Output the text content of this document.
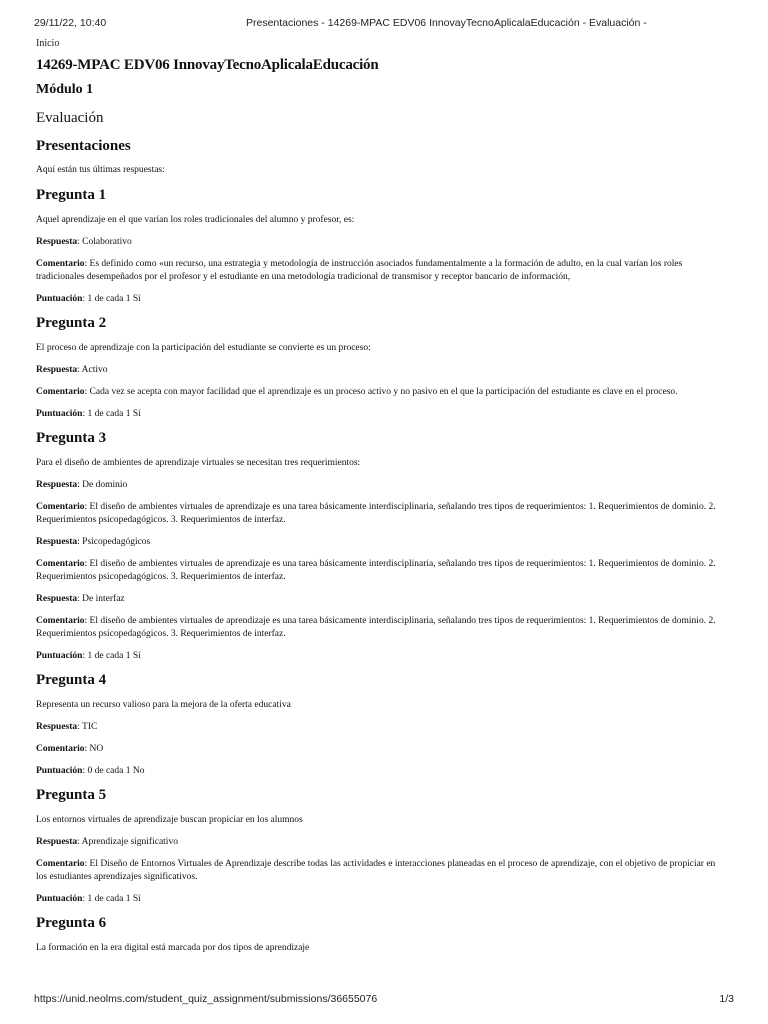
29/11/22, 10:40	Presentaciones - 14269-MPAC EDV06 InnovayTecnoAplicalaEducación - Evaluación -
Inicio
14269-MPAC EDV06 InnovayTecnoAplicalaEducación
Módulo 1
Evaluación
Presentaciones
Aquí están tus últimas respuestas:
Pregunta 1
Aquel aprendizaje en el que varían los roles tradicionales del alumno y profesor, es:
Respuesta: Colaborativo
Comentario: Es definido como «un recurso, una estrategia y metodología de instrucción asociados fundamentalmente a la formación de adulto, en la cual varían los roles tradicionales desempeñados por el profesor y el estudiante en una metodología tradicional de transmisor y receptor bancario de información,
Puntuación: 1 de cada 1 Sí
Pregunta 2
El proceso de aprendizaje con la participación del estudiante se convierte es un proceso:
Respuesta: Activo
Comentario: Cada vez se acepta con mayor facilidad que el aprendizaje es un proceso activo y no pasivo en el que la participación del estudiante es clave en el proceso.
Puntuación: 1 de cada 1 Sí
Pregunta 3
Para el diseño de ambientes de aprendizaje virtuales se necesitan tres requerimientos:
Respuesta: De dominio
Comentario: El diseño de ambientes virtuales de aprendizaje es una tarea básicamente interdisciplinaria, señalando tres tipos de requerimientos: 1. Requerimientos de dominio. 2. Requerimientos psicopedagógicos. 3. Requerimientos de interfaz.
Respuesta: Psicopedagógicos
Comentario: El diseño de ambientes virtuales de aprendizaje es una tarea básicamente interdisciplinaria, señalando tres tipos de requerimientos: 1. Requerimientos de dominio. 2. Requerimientos psicopedagógicos. 3. Requerimientos de interfaz.
Respuesta: De interfaz
Comentario: El diseño de ambientes virtuales de aprendizaje es una tarea básicamente interdisciplinaria, señalando tres tipos de requerimientos: 1. Requerimientos de dominio. 2. Requerimientos psicopedagógicos. 3. Requerimientos de interfaz.
Puntuación: 1 de cada 1 Sí
Pregunta 4
Representa un recurso valioso para la mejora de la oferta educativa
Respuesta: TIC
Comentario: NO
Puntuación: 0 de cada 1 No
Pregunta 5
Los entornos virtuales de aprendizaje buscan propiciar en los alumnos
Respuesta: Aprendizaje significativo
Comentario: El Diseño de Entornos Virtuales de Aprendizaje describe todas las actividades e interacciones planeadas en el proceso de aprendizaje, con el objetivo de propiciar en los estudiantes aprendizajes significativos.
Puntuación: 1 de cada 1 Sí
Pregunta 6
La formación en la era digital está marcada por dos tipos de aprendizaje
https://unid.neolms.com/student_quiz_assignment/submissions/36655076	1/3
